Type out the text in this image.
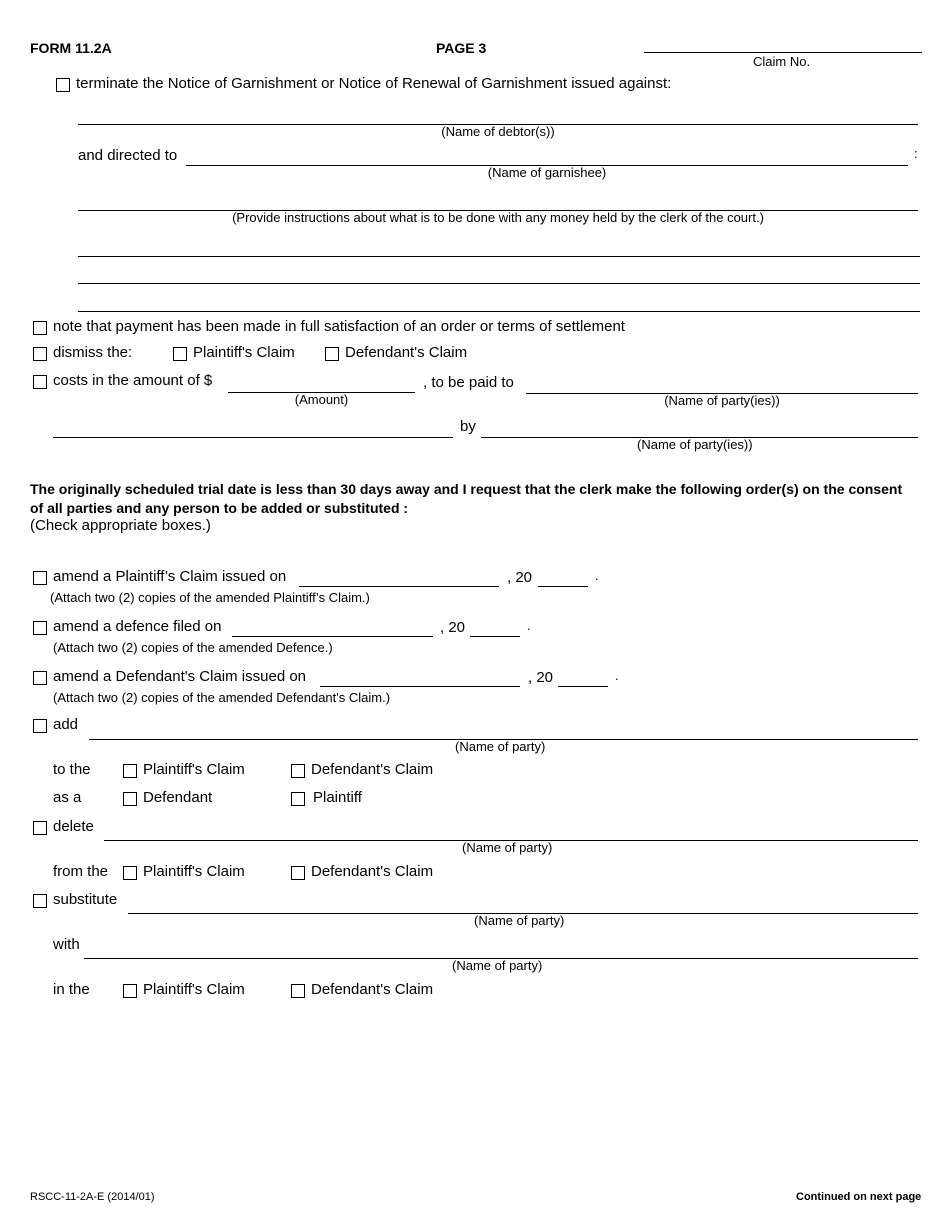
FORM 11.2A	PAGE 3
Claim No.
terminate the Notice of Garnishment or Notice of Renewal of Garnishment issued against:
(Name of debtor(s))
and directed to	:
(Name of garnishee)
(Provide instructions about what is to be done with any money held by the clerk of the court.)
note that payment has been made in full satisfaction of an order or terms of settlement
dismiss the:	Plaintiff's Claim	Defendant's Claim
costs in the amount of $
(Amount)
, to be paid to
(Name of party(ies))
by
(Name of party(ies))
The originally scheduled trial date is less than 30 days away and I request that the clerk make the following order(s) on the consent of all parties and any person to be added or substituted :
(Check appropriate boxes.)
amend a Plaintiff’s Claim issued on	, 20	.
(Attach two (2) copies of the amended Plaintiff’s Claim.)
amend a defence filed on	, 20	.
(Attach two (2) copies of the amended Defence.)
amend a Defendant's Claim issued on	, 20	.
(Attach two (2) copies of the amended Defendant's Claim.)
add
(Name of party)
to the	Plaintiff's Claim	Defendant's Claim
as a	Defendant	Plaintiff
delete
(Name of party)
from the Plaintiff's Claim	Defendant's Claim
substitute
(Name of party)
with
(Name of party)
in the	Plaintiff's Claim	Defendant's Claim
RSCC-11-2A-E (2014/01)	Continued on next page
